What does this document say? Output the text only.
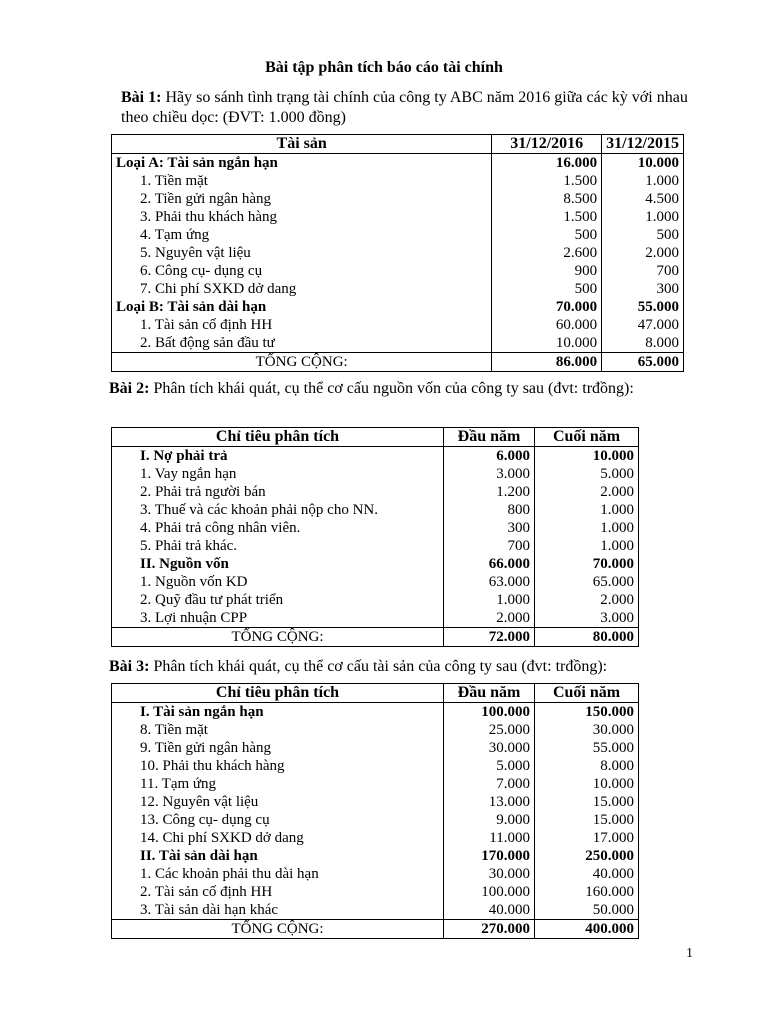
Bài tập phân tích báo cáo tài chính
Bài 1: Hãy so sánh tình trạng tài chính của công ty ABC năm 2016 giữa các kỳ với nhau theo chiều dọc: (ĐVT: 1.000 đồng)
Tài sản	31/12/2016	31/12/2015
Loại A: Tài sản ngắn hạn	16.000	10.000
1. Tiền mặt	1.500	1.000
2. Tiền gửi ngân hàng	8.500	4.500
3. Phải thu khách hàng	1.500	1.000
4. Tạm ứng	500	500
5. Nguyên vật liệu	2.600	2.000
6. Công cụ- dụng cụ	900	700
7. Chi phí SXKD dở dang	500	300
Loại B: Tài sản dài hạn	70.000	55.000
1. Tài sản cố định HH	60.000	47.000
2. Bất động sản đầu tư	10.000	8.000
TỔNG CỘNG:	86.000	65.000
Bài 2: Phân tích khái quát, cụ thể cơ cấu nguồn vốn của công ty sau (đvt: trđồng):
Chỉ tiêu phân tích	Đầu năm	Cuối năm
I. Nợ phải trả	6.000	10.000
1. Vay ngắn hạn	3.000	5.000
2. Phải trả người bán	1.200	2.000
3. Thuế và các khoản phải nộp cho NN.	800	1.000
4. Phải trả công nhân viên.	300	1.000
5. Phải trả khác.	700	1.000
II. Nguồn vốn	66.000	70.000
1. Nguồn vốn KD	63.000	65.000
2. Quỹ đầu tư phát triển	1.000	2.000
3. Lợi nhuận CPP	2.000	3.000
TỔNG CỘNG:	72.000	80.000
Bài 3: Phân tích khái quát, cụ thể cơ cấu tài sản của công ty sau (đvt: trđồng):
Chỉ tiêu phân tích	Đầu năm	Cuối năm
I. Tài sản ngắn hạn	100.000	150.000
8. Tiền mặt	25.000	30.000
9. Tiền gửi ngân hàng	30.000	55.000
10. Phải thu khách hàng	5.000	8.000
11. Tạm ứng	7.000	10.000
12. Nguyên vật liệu	13.000	15.000
13. Công cụ- dụng cụ	9.000	15.000
14. Chi phí SXKD dở dang	11.000	17.000
II. Tài sản dài hạn	170.000	250.000
1. Các khoản phải thu dài hạn	30.000	40.000
2. Tài sản cố định HH	100.000	160.000
3. Tài sản dài hạn khác	40.000	50.000
TỔNG CỘNG:	270.000	400.000
1
